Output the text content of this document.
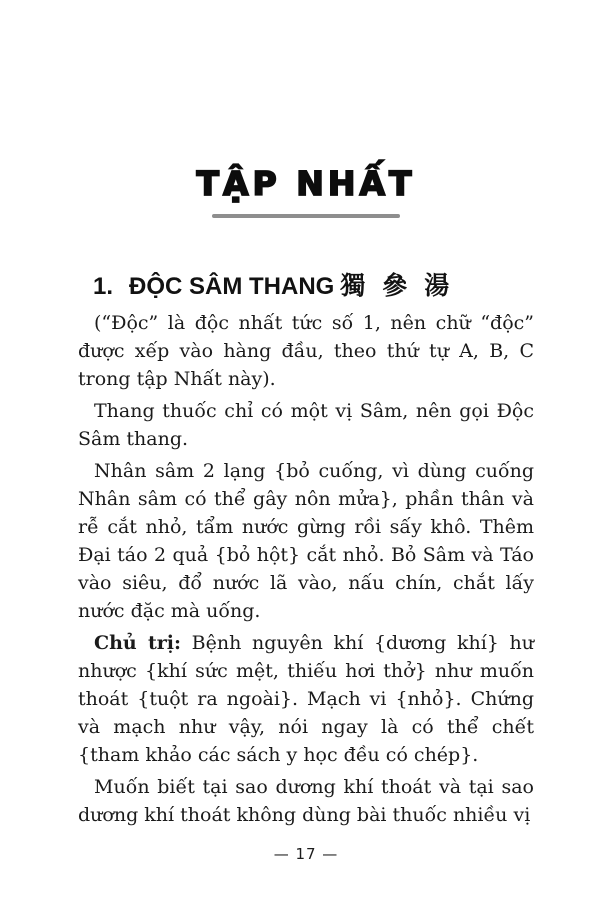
TẬP NHẤT
1. ĐỘC SÂM THANG 獨 參 湯

(“Độc” là độc nhất tức số 1, nên chữ “độc” được xếp vào hàng đầu, theo thứ tự A, B, C trong tập Nhất này).

Thang thuốc chỉ có một vị Sâm, nên gọi Độc Sâm thang.

Nhân sâm 2 lạng {bỏ cuống, vì dùng cuống Nhân sâm có thể gây nôn mửa}, phần thân và rễ cắt nhỏ, tẩm nước gừng rồi sấy khô. Thêm Đại táo 2 quả {bỏ hột} cắt nhỏ. Bỏ Sâm và Táo vào siêu, đổ nước lã vào, nấu chín, chắt lấy nước đặc mà uống.

Chủ trị: Bệnh nguyên khí {dương khí} hư nhược {khí sức mệt, thiếu hơi thở} như muốn thoát {tuột ra ngoài}. Mạch vi {nhỏ}. Chứng và mạch như vậy, nói ngay là có thể chết {tham khảo các sách y học đều có chép}.

Muốn biết tại sao dương khí thoát và tại sao dương khí thoát không dùng bài thuốc nhiều vị

— 17 —
